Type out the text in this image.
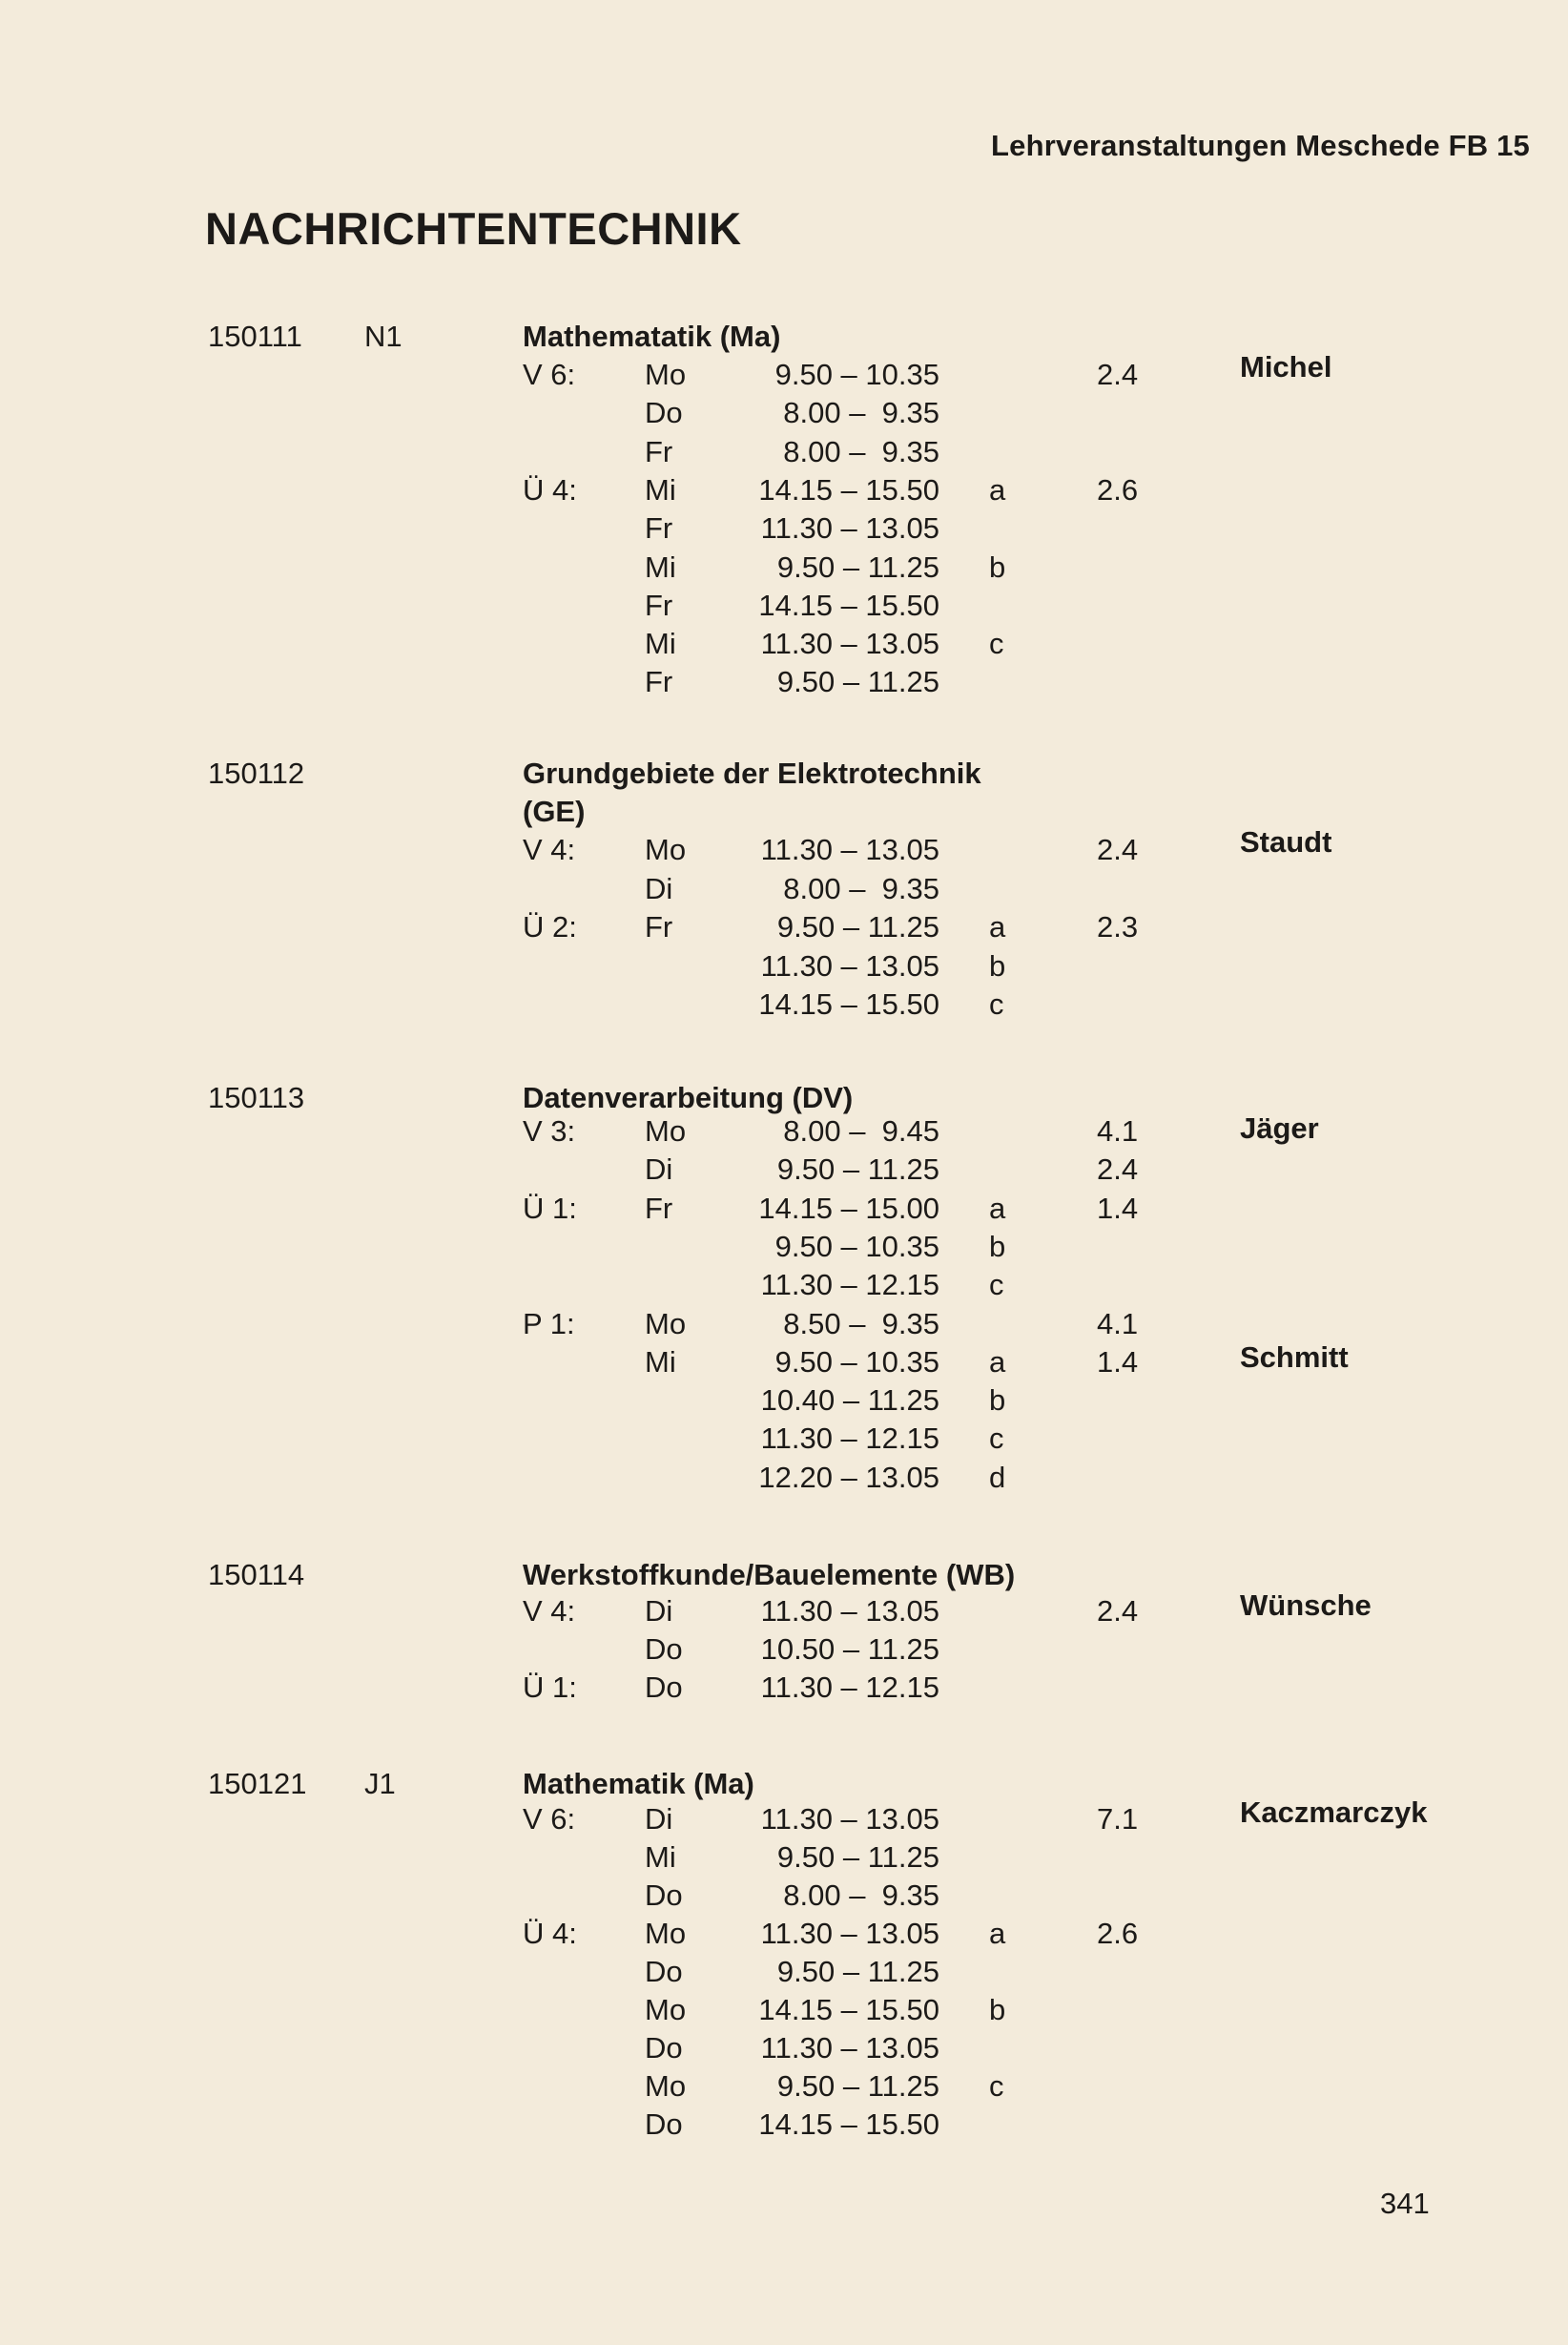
Lehrveranstaltungen Meschede FB 15
NACHRICHTENTECHNIK
150111 N1	Mathematatik (Ma)
Michel
V 6: Mo	9.50 – 10.35	2.4
Do	8.00 –  9.35
Fr	8.00 –  9.35
Ü 4: Mi	14.15 – 15.50 a	2.6
Fr	11.30 – 13.05
Mi	9.50 – 11.25 b
Fr	14.15 – 15.50
Mi	11.30 – 13.05 c
Fr	9.50 – 11.25
150112	Grundgebiete der Elektrotechnik
(GE)
Staudt
V 4: Mo	11.30 – 13.05	2.4
Di	8.00 –  9.35
Ü 2: Fr	9.50 – 11.25 a	2.3
11.30 – 13.05 b
14.15 – 15.50 c
150113	Datenverarbeitung (DV)
Jäger
Schmitt
V 3: Mo	8.00 –  9.45	4.1
Di	9.50 – 11.25	2.4
Ü 1: Fr	14.15 – 15.00 a	1.4
9.50 – 10.35 b
11.30 – 12.15 c
P 1: Mo	8.50 –  9.35	4.1
Mi	9.50 – 10.35 a	1.4
10.40 – 11.25 b
11.30 – 12.15 c
12.20 – 13.05 d
150114	Werkstoffkunde/Bauelemente (WB)
Wünsche
V 4: Di	11.30 – 13.05	2.4
Do	10.50 – 11.25
Ü 1: Do	11.30 – 12.15
150121 J1	Mathematik (Ma)
Kaczmarczyk
V 6: Di	11.30 – 13.05	7.1
Mi	9.50 – 11.25
Do	8.00 –  9.35
Ü 4: Mo	11.30 – 13.05 a	2.6
Do	9.50 – 11.25
Mo	14.15 – 15.50 b
Do	11.30 – 13.05
Mo	9.50 – 11.25 c
Do	14.15 – 15.50
341
